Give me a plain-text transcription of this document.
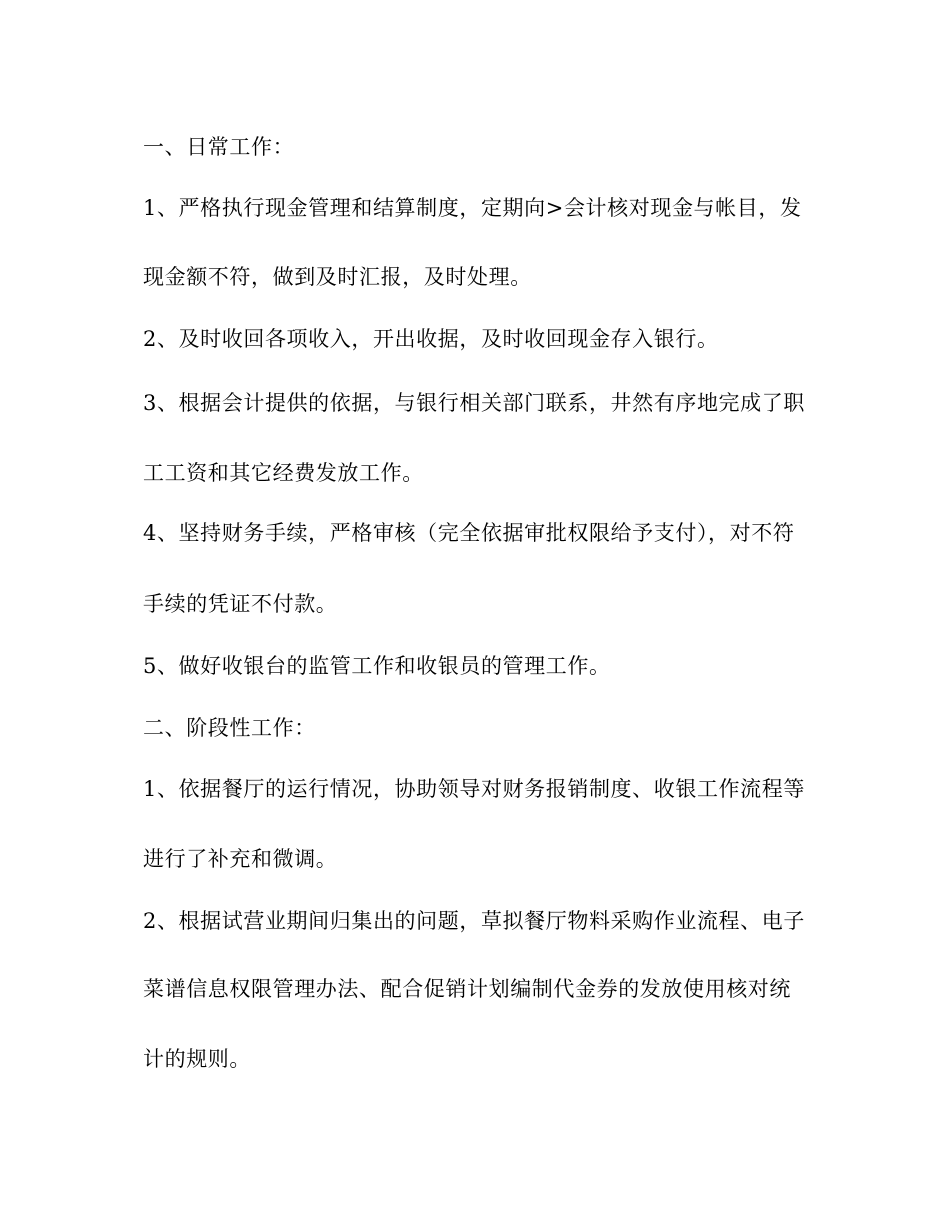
一、日常工作：
1、严格执行现金管理和结算制度，定期向>会计核对现金与帐目，发
现金额不符，做到及时汇报，及时处理。
2、及时收回各项收入，开出收据，及时收回现金存入银行。
3、根据会计提供的依据，与银行相关部门联系，井然有序地完成了职
工工资和其它经费发放工作。
4、坚持财务手续，严格审核（完全依据审批权限给予支付），对不符
手续的凭证不付款。
5、做好收银台的监管工作和收银员的管理工作。
二、阶段性工作：
1、依据餐厅的运行情况，协助领导对财务报销制度、收银工作流程等
进行了补充和微调。
2、根据试营业期间归集出的问题，草拟餐厅物料采购作业流程、电子
菜谱信息权限管理办法、配合促销计划编制代金券的发放使用核对统
计的规则。
